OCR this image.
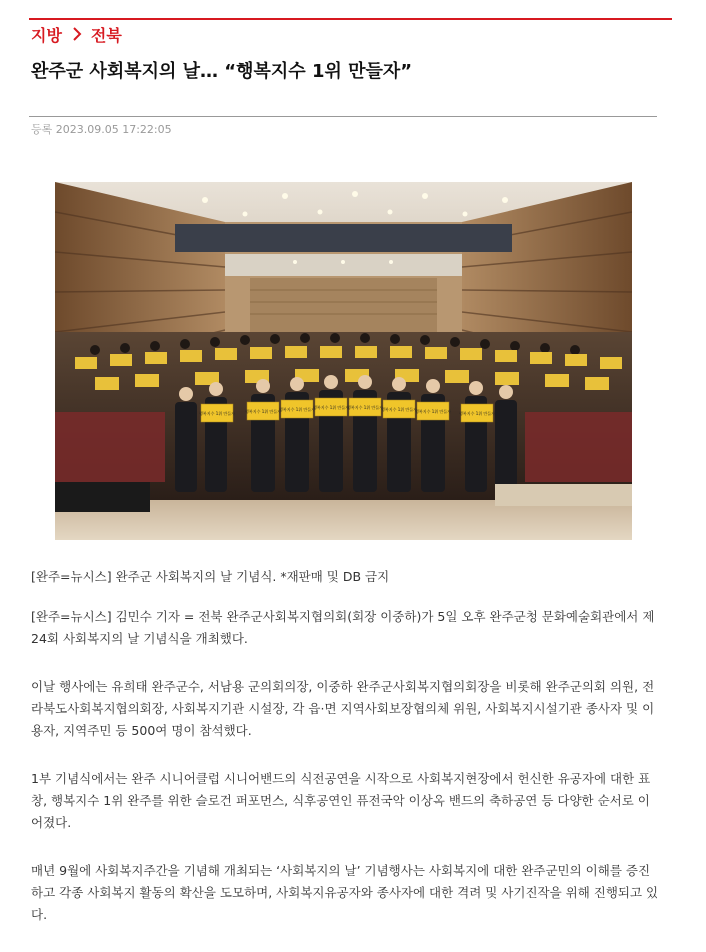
지방 전북
완주군 사회복지의 날… “행복지수 1위 만들자”
등록 2023.09.05 17:22:05
행복지수 1위 만들자	행복지수 1위 만들자
행복지수 1위 만들자
행복지수 1위 만들자
행복지수 1위 만들자
행복지수 1위 만들자
행복지수 1위 만들자 행복지수 1위 만들자

[완주=뉴시스] 완주군 사회복지의 날 기념식. *재판매 및 DB 금지

[완주=뉴시스] 김민수 기자 = 전북 완주군사회복지협의회(회장 이중하)가 5일 오후 완주군청 문화예술회관에서 제24회 사회복지의 날 기념식을 개최했다.

이날 행사에는 유희태 완주군수, 서남용 군의회의장, 이중하 완주군사회복지협의회장을 비롯해 완주군의회 의원, 전라북도사회복지협의회장, 사회복지기관 시설장, 각 읍·면 지역사회보장협의체 위원, 사회복지시설기관 종사자 및 이용자, 지역주민 등 500여 명이 참석했다.

1부 기념식에서는 완주 시니어클럽 시니어밴드의 식전공연을 시작으로 사회복지현장에서 헌신한 유공자에 대한 표창, 행복지수 1위 완주를 위한 슬로건 퍼포먼스, 식후공연인 퓨전국악 이상옥 밴드의 축하공연 등 다양한 순서로 이어졌다.

매년 9월에 사회복지주간을 기념해 개최되는 ‘사회복지의 날’ 기념행사는 사회복지에 대한 완주군민의 이해를 증진하고 각종 사회복지 활동의 확산을 도모하며, 사회복지유공자와 종사자에 대한 격려 및 사기진작을 위해 진행되고 있다.
